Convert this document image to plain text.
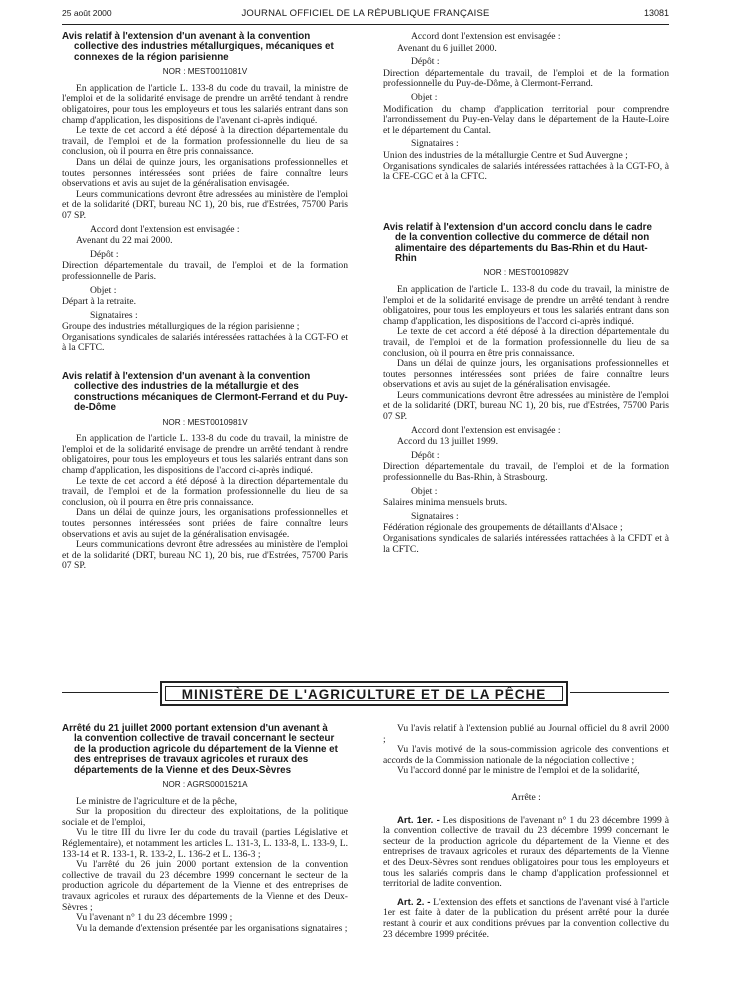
25 août 2000	JOURNAL OFFICIEL DE LA RÉPUBLIQUE FRANÇAISE	13081
Avis relatif à l'extension d'un avenant à la convention
collective des industries métallurgiques, mécaniques et connexes de la région parisienne
NOR : MEST0011081V

En application de l'article L. 133-8 du code du travail, la ministre de l'emploi et de la solidarité envisage de prendre un arrêté tendant à rendre obligatoires, pour tous les employeurs et tous les salariés entrant dans son champ d'application, les dispositions de l'avenant ci-après indiqué.

Le texte de cet accord a été déposé à la direction départementale du travail, de l'emploi et de la formation professionnelle du lieu de sa conclusion, où il pourra en être pris connaissance.

Dans un délai de quinze jours, les organisations professionnelles et toutes personnes intéressées sont priées de faire connaître leurs observations et avis au sujet de la généralisation envisagée.

Leurs communications devront être adressées au ministère de l'emploi et de la solidarité (DRT, bureau NC 1), 20 bis, rue d'Estrées, 75700 Paris 07 SP.

Accord dont l'extension est envisagée :

Avenant du 22 mai 2000.

Dépôt :

Direction départementale du travail, de l'emploi et de la formation professionnelle de Paris.

Objet :

Départ à la retraite.

Signataires :

Groupe des industries métallurgiques de la région parisienne ;

Organisations syndicales de salariés intéressées rattachées à la CGT-FO et à la CFTC.

Avis relatif à l'extension d'un avenant à la convention
collective des industries de la métallurgie et des constructions mécaniques de Clermont-Ferrand et du Puy-de-Dôme
NOR : MEST0010981V

En application de l'article L. 133-8 du code du travail, la ministre de l'emploi et de la solidarité envisage de prendre un arrêté tendant à rendre obligatoires, pour tous les employeurs et tous les salariés entrant dans son champ d'application, les dispositions de l'accord ci-après indiqué.

Le texte de cet accord a été déposé à la direction départementale du travail, de l'emploi et de la formation professionnelle du lieu de sa conclusion, où il pourra en être pris connaissance.

Dans un délai de quinze jours, les organisations professionnelles et toutes personnes intéressées sont priées de faire connaître leurs observations et avis au sujet de la généralisation envisagée.

Leurs communications devront être adressées au ministère de l'emploi et de la solidarité (DRT, bureau NC 1), 20 bis, rue d'Estrées, 75700 Paris 07 SP.

Accord dont l'extension est envisagée :

Avenant du 6 juillet 2000.

Dépôt :

Direction départementale du travail, de l'emploi et de la formation professionnelle du Puy-de-Dôme, à Clermont-Ferrand.

Objet :

Modification du champ d'application territorial pour comprendre l'arrondissement du Puy-en-Velay dans le département de la Haute-Loire et le département du Cantal.

Signataires :

Union des industries de la métallurgie Centre et Sud Auvergne ;

Organisations syndicales de salariés intéressées rattachées à la CGT-FO, à la CFE-CGC et à la CFTC.

Avis relatif à l'extension d'un accord conclu dans le cadre
de la convention collective du commerce de détail non alimentaire des départements du Bas-Rhin et du Haut-Rhin
NOR : MEST0010982V

En application de l'article L. 133-8 du code du travail, la ministre de l'emploi et de la solidarité envisage de prendre un arrêté tendant à rendre obligatoires, pour tous les employeurs et tous les salariés entrant dans son champ d'application, les dispositions de l'accord ci-après indiqué.

Le texte de cet accord a été déposé à la direction départementale du travail, de l'emploi et de la formation professionnelle du lieu de sa conclusion, où il pourra en être pris connaissance.

Dans un délai de quinze jours, les organisations professionnelles et toutes personnes intéressées sont priées de faire connaître leurs observations et avis au sujet de la généralisation envisagée.

Leurs communications devront être adressées au ministère de l'emploi et de la solidarité (DRT, bureau NC 1), 20 bis, rue d'Estrées, 75700 Paris 07 SP.

Accord dont l'extension est envisagée :

Accord du 13 juillet 1999.

Dépôt :

Direction départementale du travail, de l'emploi et de la formation professionnelle du Bas-Rhin, à Strasbourg.

Objet :

Salaires minima mensuels bruts.

Signataires :

Fédération régionale des groupements de détaillants d'Alsace ;

Organisations syndicales de salariés intéressées rattachées à la CFDT et à la CFTC.

MINISTÈRE DE L'AGRICULTURE ET DE LA PÊCHE
Arrêté du 21 juillet 2000 portant extension d'un avenant à
la convention collective de travail concernant le secteur de la production agricole du département de la Vienne et des entreprises de travaux agricoles et ruraux des départements de la Vienne et des Deux-Sèvres
NOR : AGRS0001521A

Le ministre de l'agriculture et de la pêche,

Sur la proposition du directeur des exploitations, de la politique sociale et de l'emploi,

Vu le titre III du livre Ier du code du travail (parties Législative et Réglementaire), et notamment les articles L. 131-3, L. 133-8, L. 133-9, L. 133-14 et R. 133-1, R. 133-2, L. 136-2 et L. 136-3 ;

Vu l'arrêté du 26 juin 2000 portant extension de la convention collective de travail du 23 décembre 1999 concernant le secteur de la production agricole du département de la Vienne et des entreprises de travaux agricoles et ruraux des départements de la Vienne et des Deux-Sèvres ;

Vu l'avenant n° 1 du 23 décembre 1999 ;

Vu la demande d'extension présentée par les organisations signataires ;

Vu l'avis relatif à l'extension publié au Journal officiel du 8 avril 2000 ;

Vu l'avis motivé de la sous-commission agricole des conventions et accords de la Commission nationale de la négociation collective ;

Vu l'accord donné par le ministre de l'emploi et de la solidarité,

Arrête :

Art. 1er. - Les dispositions de l'avenant n° 1 du 23 décembre 1999 à la convention collective de travail du 23 décembre 1999 concernant le secteur de la production agricole du département de la Vienne et des entreprises de travaux agricoles et ruraux des départements de la Vienne et des Deux-Sèvres sont rendues obligatoires pour tous les employeurs et tous les salariés compris dans le champ d'application professionnel et territorial de ladite convention.

Art. 2. - L'extension des effets et sanctions de l'avenant visé à l'article 1er est faite à dater de la publication du présent arrêté pour la durée restant à courir et aux conditions prévues par la convention collective du 23 décembre 1999 précitée.
